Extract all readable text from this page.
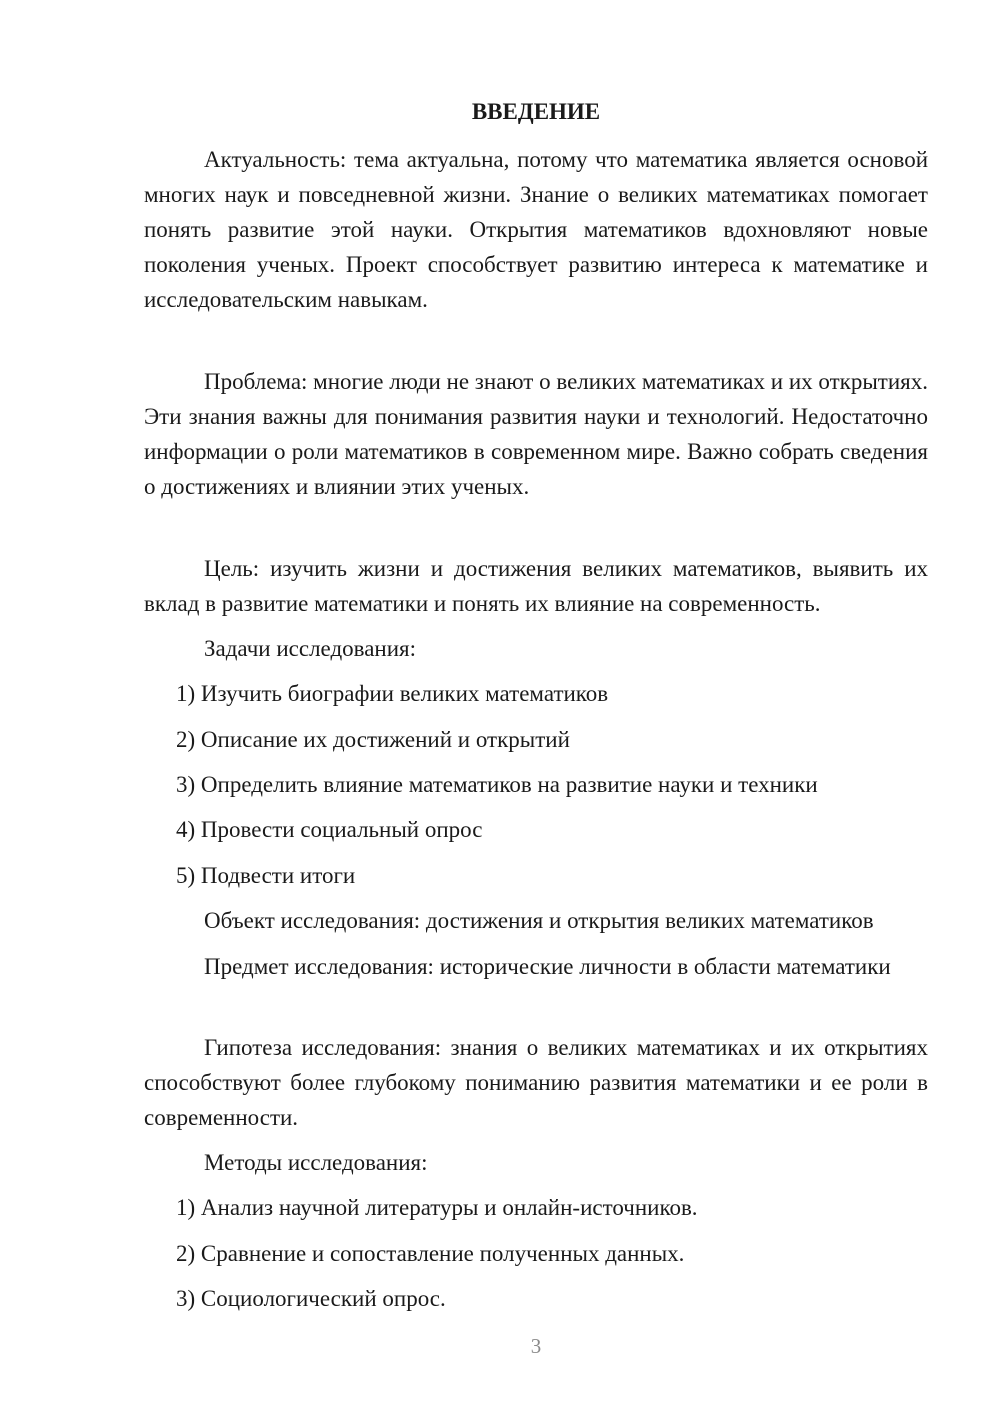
ВВЕДЕНИЕ

Актуальность: тема актуальна, потому что математика является основой многих наук и повседневной жизни. Знание о великих математиках помогает понять развитие этой науки. Открытия математиков вдохновляют новые поколения ученых. Проект способствует развитию интереса к математике и исследовательским навыкам.

Проблема: многие люди не знают о великих математиках и их открытиях. Эти знания важны для понимания развития науки и технологий. Недостаточно информации о роли математиков в современном мире. Важно собрать сведения о достижениях и влиянии этих ученых.

Цель: изучить жизни и достижения великих математиков, выявить их вклад в развитие математики и понять их влияние на современность.

Задачи исследования:

1) Изучить биографии великих математиков

2) Описание их достижений и открытий

3) Определить влияние математиков на развитие науки и техники

4) Провести социальный опрос

5) Подвести итоги

Объект исследования: достижения и открытия великих математиков

Предмет исследования: исторические личности в области математики

Гипотеза исследования: знания о великих математиках и их открытиях способствуют более глубокому пониманию развития математики и ее роли в современности.

Методы исследования:

1) Анализ научной литературы и онлайн-источников.

2) Сравнение и сопоставление полученных данных.

3) Социологический опрос.

3
